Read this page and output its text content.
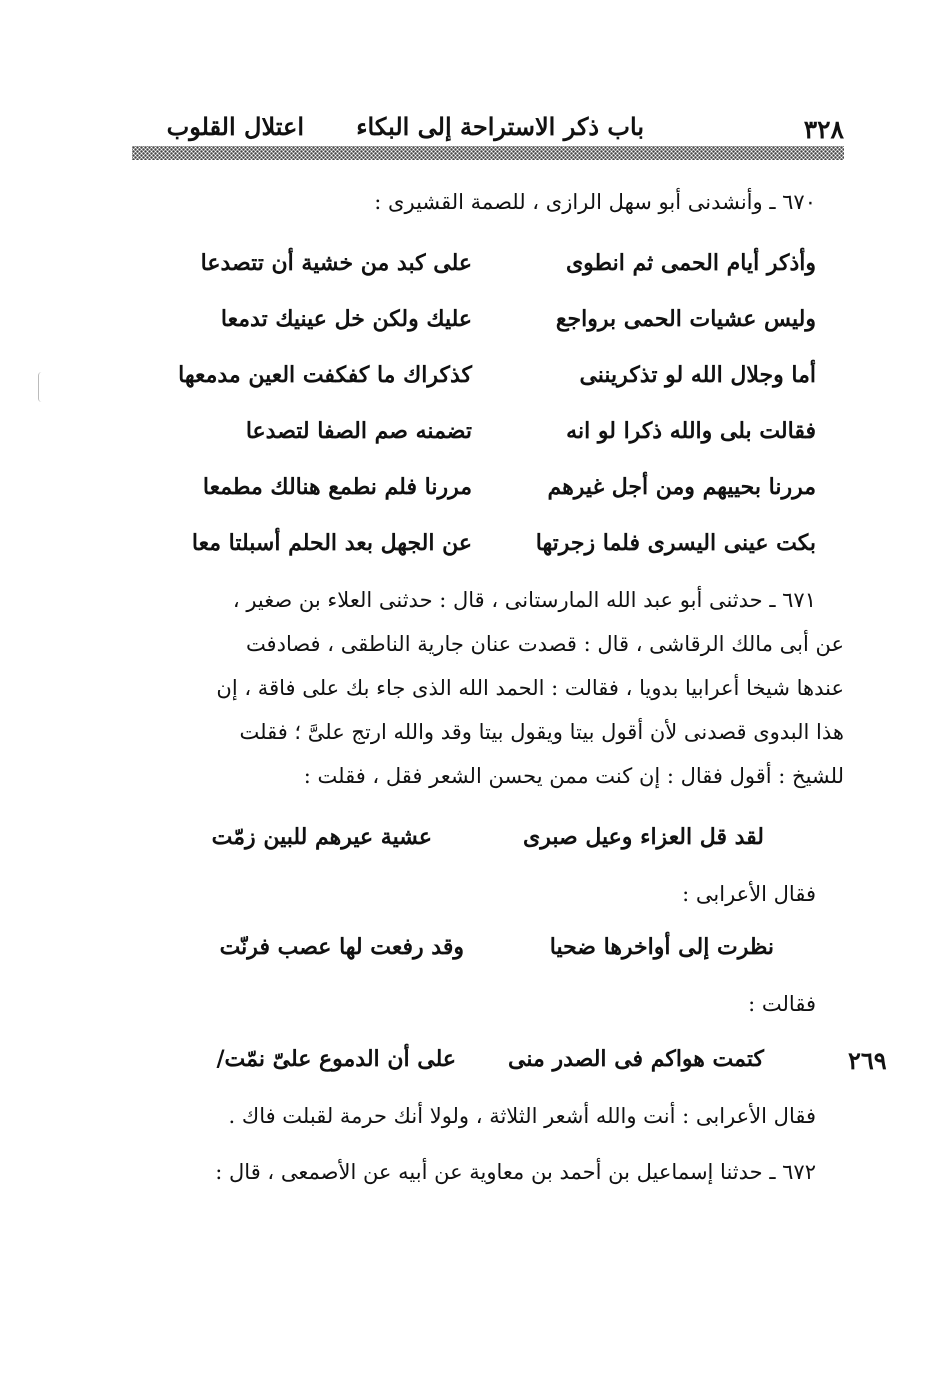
٣٢٨
باب ذكر الاستراحة إلى البكاء
اعتلال القلوب
٦٧٠ ـ وأنشدنى أبو سهل الرازى ، للصمة القشيرى :
وأذكر أيام الحمى ثم انطوى
على كبد من خشية أن تتصدعا
وليس عشيات الحمى برواجع
عليك ولكن خل عينيك تدمعا
أما وجلال الله لو تذكريننى
كذكراك ما كفكفت العين مدمعها
فقالت بلى والله ذكرا لو انه
تضمنه صم الصفا لتصدعا
مررنا بحييهم ومن أجل غيرهم
مررنا فلم نطمع هنالك مطمعا
بكت عينى اليسرى فلما زجرتها
عن الجهل بعد الحلم أسبلتا معا
٦٧١ ـ حدثنى أبو عبد الله المارستانى ، قال : حدثنى العلاء بن صغير ،
عن أبى مالك الرقاشى ، قال : قصدت عنان جارية الناطقى ، فصادفت
عندها شيخا أعرابيا بدويا ، فقالت : الحمد الله الذى جاء بك على فاقة ، إن
هذا البدوى قصدنى لأن أقول بيتا ويقول بيتا وقد والله ارتج علىَّ ؛ فقلت
للشيخ : أقول فقال : إن كنت ممن يحسن الشعر فقل ، فقلت :
لقد قل العزاء وعيل صبرى
عشية عيرهم للبين زمّت
فقال الأعرابى :
نظرت إلى أواخرها ضحيا
وقد رفعت لها عصب فرنّت
فقالت :
٢٦٩
كتمت هواكم فى الصدر منى
على أن الدموع علىّ نمّت/
فقال الأعرابى : أنت والله أشعر الثلاثة ، ولولا أنك حرمة لقبلت فاك .
٦٧٢ ـ حدثنا إسماعيل بن أحمد بن معاوية عن أبيه عن الأصمعى ، قال :
